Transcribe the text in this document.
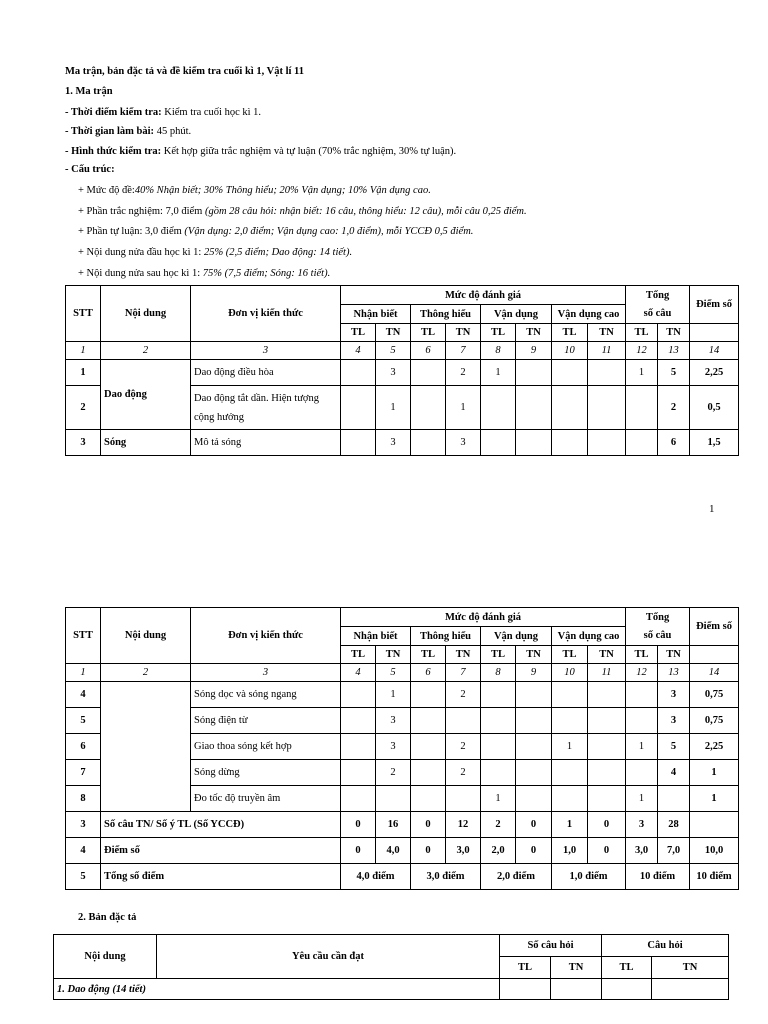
Ma trận, bản đặc tả và đề kiểm tra cuối kì 1, Vật lí 11
1. Ma trận
- Thời điểm kiểm tra: Kiểm tra cuối học kì 1.
- Thời gian làm bài: 45 phút.
- Hình thức kiểm tra: Kết hợp giữa trắc nghiệm và tự luận (70% trắc nghiệm, 30% tự luận).
- Cấu trúc:
+ Mức độ đề:40% Nhận biết; 30% Thông hiểu; 20% Vận dụng; 10% Vận dụng cao.
+ Phần trắc nghiệm: 7,0 điểm (gồm 28 câu hỏi: nhận biết: 16 câu, thông hiểu: 12 câu), mỗi câu 0,25 điểm.
+ Phần tự luận: 3,0 điểm (Vận dụng: 2,0 điểm; Vận dụng cao: 1,0 điểm), mỗi YCCĐ 0,5 điểm.
+ Nội dung nửa đầu học kì 1: 25% (2,5 điểm; Dao động: 14 tiết).
+ Nội dung nửa sau học kì 1: 75% (7,5 điểm; Sóng: 16 tiết).
STT	Nội dung	Đơn vị kiến thức	Mức độ đánh giá								Tổng		Điểm số
			Nhận biết		Thông hiểu		Vận dụng		Vận dụng cao		số câu		
			TL	TN	TL	TN	TL	TN	TL	TN	TL	TN	
1	2	3	4	5	6	7	8	9	10	11	12	13	14
1	Dao động	Dao động điều hòa		3		2	1				1	5	2,25
2		Dao động tắt dần. Hiện tượng
cộng hưởng		1		1						2	0,5
3	Sóng	Mô tả sóng		3		3						6	1,5
1
STT	Nội dung	Đơn vị kiến thức	Mức độ đánh giá								Tổng		Điểm số
			Nhận biết		Thông hiểu		Vận dụng		Vận dụng cao		số câu		
			TL	TN	TL	TN	TL	TN	TL	TN	TL	TN	
1	2	3	4	5	6	7	8	9	10	11	12	13	14
4		Sóng dọc và sóng ngang		1		2						3	0,75
5		Sóng điện từ		3								3	0,75
6		Giao thoa sóng kết hợp		3		2			1		1	5	2,25
7		Sóng dừng		2		2						4	1
8		Đo tốc độ truyền âm					1				1		1
3	Số câu TN/ Số ý TL (Số YCCĐ)		0	16	0	12	2	0	1	0	3	28	
4	Điểm số		0	4,0	0	3,0	2,0	0	1,0	0	3,0	7,0	10,0
5	Tổng số điểm		4,0 điểm		3,0 điểm		2,0 điểm		1,0 điểm		10 điểm		10 điểm
2. Bản đặc tả
Nội dung	Yêu cầu cần đạt	Số câu hỏi		Câu hỏi	
		TL	TN	TL	TN
1. Dao động (14 tiết)					
